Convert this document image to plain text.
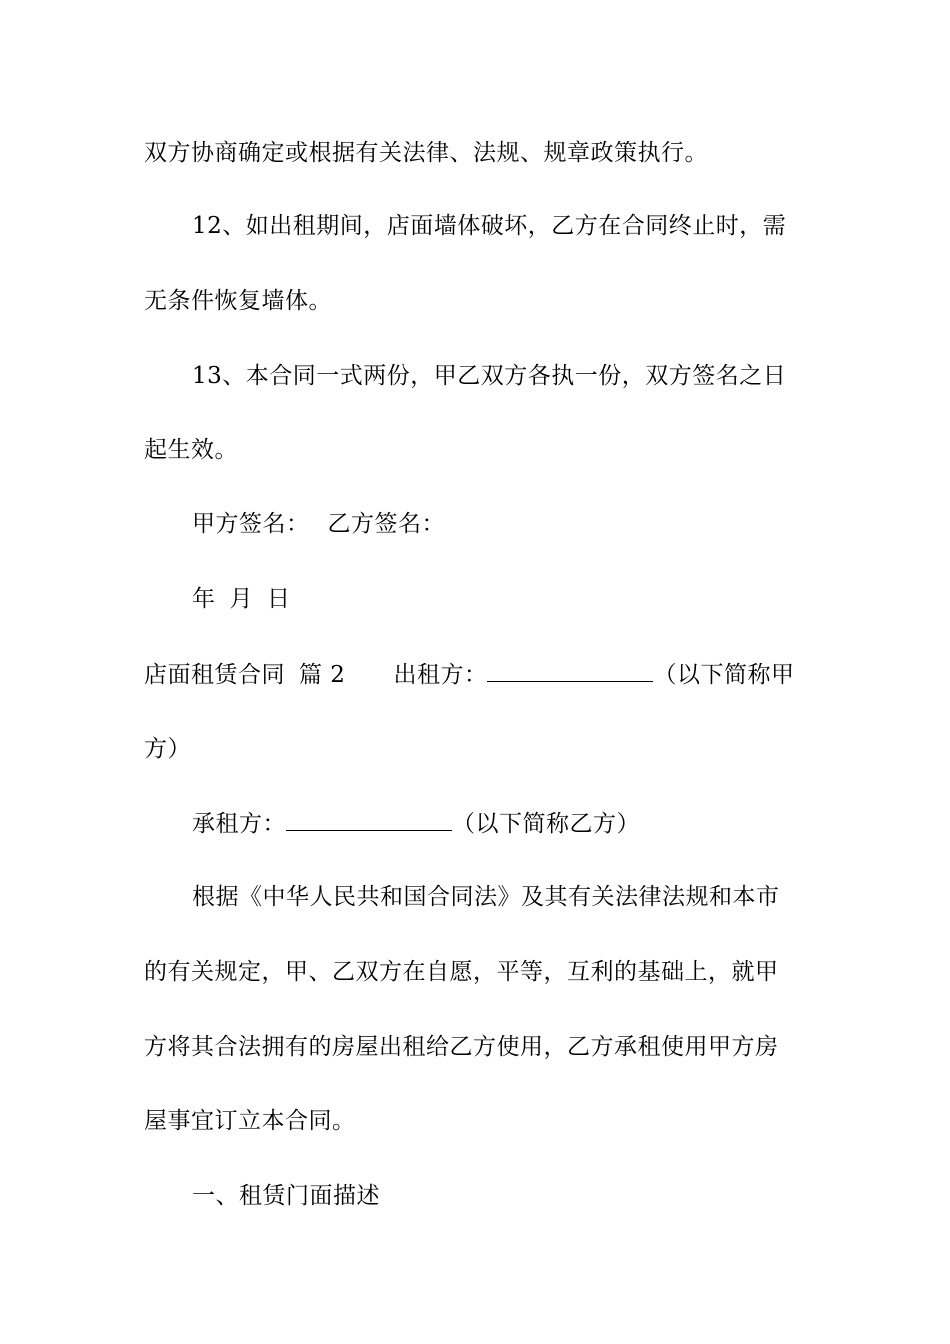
双方协商确定或根据有关法律、法规、规章政策执行。
12、如出租期间，店面墙体破坏，乙方在合同终止时，需
无条件恢复墙体。
13、本合同一式两份，甲乙双方各执一份，双方签名之日
起生效。
甲方签名： 乙方签名：
年 月 日
店面租赁合同 篇 2 出租方：	（以下简称甲
方）
承租方：	（以下简称乙方）
根据《中华人民共和国合同法》及其有关法律法规和本市
的有关规定，甲、乙双方在自愿，平等，互利的基础上，就甲
方将其合法拥有的房屋出租给乙方使用，乙方承租使用甲方房
屋事宜订立本合同。
一、租赁门面描述
